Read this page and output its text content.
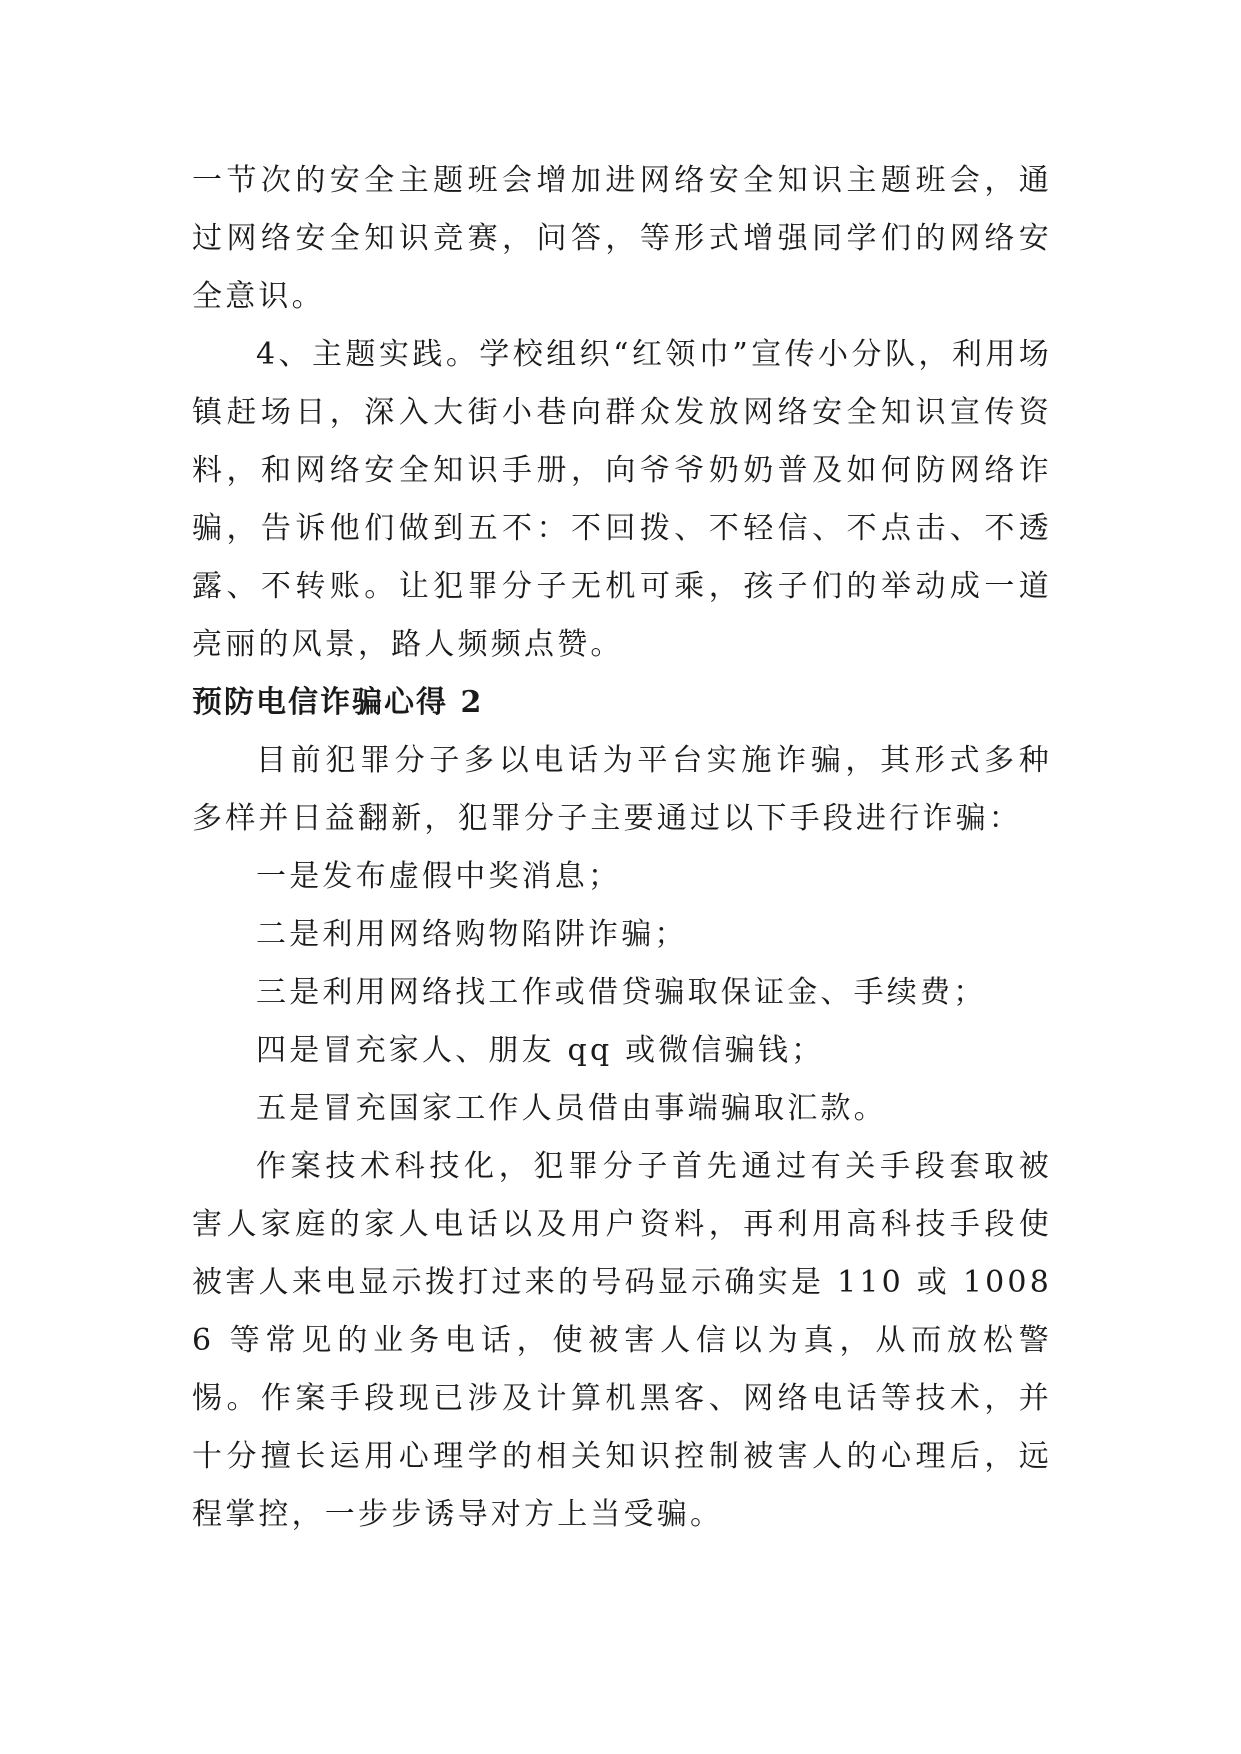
一节次的安全主题班会增加进网络安全知识主题班会，通过网络安全知识竞赛，问答，等形式增强同学们的网络安全意识。

4、主题实践。学校组织“红领巾”宣传小分队，利用场镇赶场日，深入大街小巷向群众发放网络安全知识宣传资料，和网络安全知识手册，向爷爷奶奶普及如何防网络诈骗，告诉他们做到五不：不回拨、不轻信、不点击、不透露、不转账。让犯罪分子无机可乘，孩子们的举动成一道亮丽的风景，路人频频点赞。

预防电信诈骗心得 2

目前犯罪分子多以电话为平台实施诈骗，其形式多种多样并日益翻新，犯罪分子主要通过以下手段进行诈骗：

一是发布虚假中奖消息；

二是利用网络购物陷阱诈骗；

三是利用网络找工作或借贷骗取保证金、手续费；

四是冒充家人、朋友 qq 或微信骗钱；

五是冒充国家工作人员借由事端骗取汇款。

作案技术科技化，犯罪分子首先通过有关手段套取被害人家庭的家人电话以及用户资料，再利用高科技手段使被害人来电显示拨打过来的号码显示确实是 110 或 10086 等常见的业务电话，使被害人信以为真，从而放松警惕。作案手段现已涉及计算机黑客、网络电话等技术，并十分擅长运用心理学的相关知识控制被害人的心理后，远程掌控，一步步诱导对方上当受骗。
